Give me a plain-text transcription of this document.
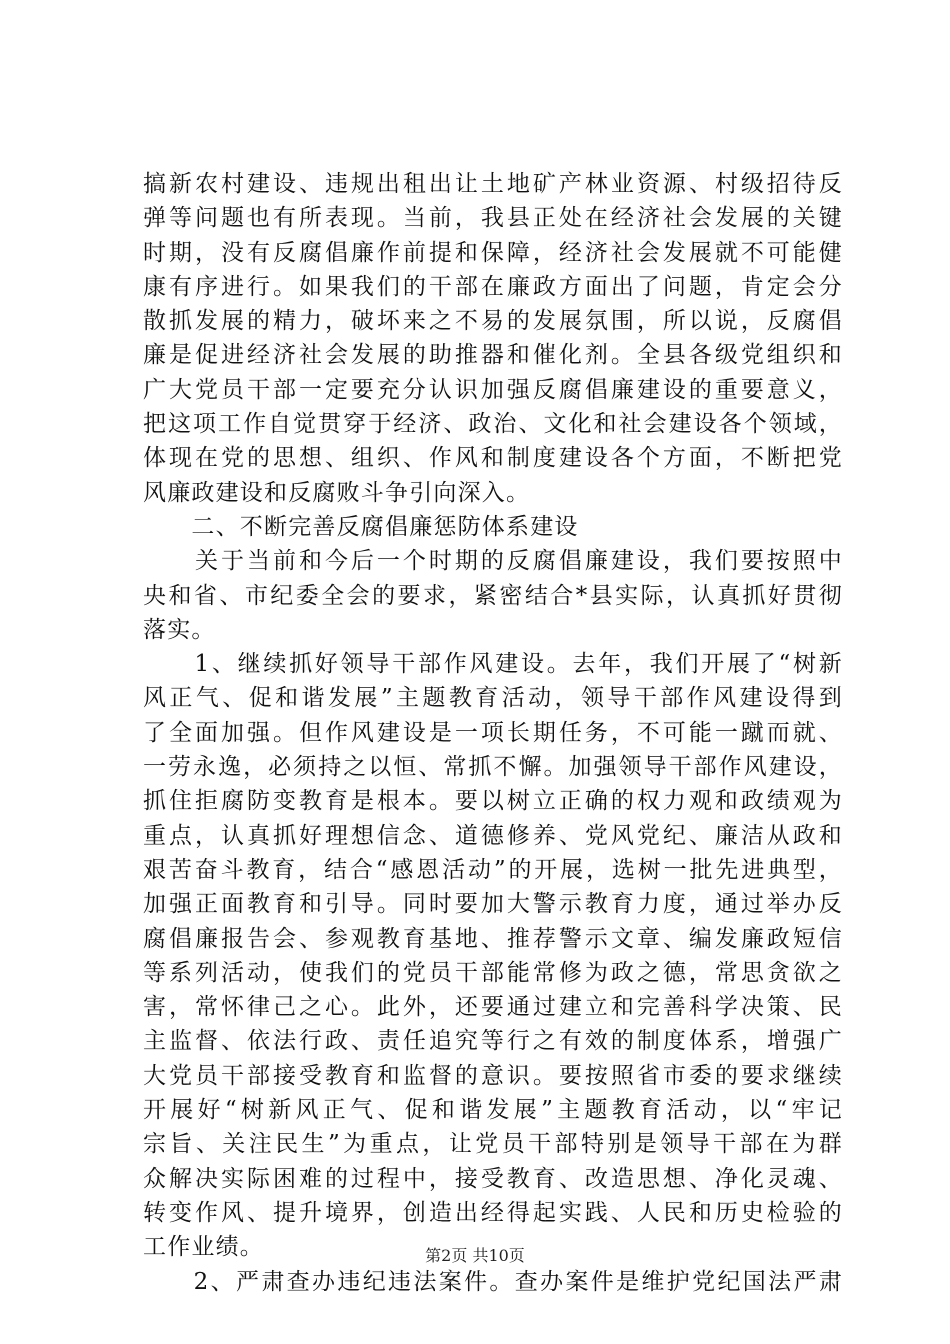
搞新农村建设、违规出租出让土地矿产林业资源、村级招待反
弹等问题也有所表现。当前，我县正处在经济社会发展的关键
时期，没有反腐倡廉作前提和保障，经济社会发展就不可能健
康有序进行。如果我们的干部在廉政方面出了问题，肯定会分
散抓发展的精力，破坏来之不易的发展氛围，所以说，反腐倡
廉是促进经济社会发展的助推器和催化剂。全县各级党组织和
广大党员干部一定要充分认识加强反腐倡廉建设的重要意义，
把这项工作自觉贯穿于经济、政治、文化和社会建设各个领域，
体现在党的思想、组织、作风和制度建设各个方面，不断把党
风廉政建设和反腐败斗争引向深入。
　　二、不断完善反腐倡廉惩防体系建设
　　关于当前和今后一个时期的反腐倡廉建设，我们要按照中
央和省、市纪委全会的要求，紧密结合*县实际，认真抓好贯彻
落实。
　　1、继续抓好领导干部作风建设。去年，我们开展了“树新
风正气、促和谐发展”主题教育活动，领导干部作风建设得到
了全面加强。但作风建设是一项长期任务，不可能一蹴而就、
一劳永逸，必须持之以恒、常抓不懈。加强领导干部作风建设，
抓住拒腐防变教育是根本。要以树立正确的权力观和政绩观为
重点，认真抓好理想信念、道德修养、党风党纪、廉洁从政和
艰苦奋斗教育，结合“感恩活动”的开展，选树一批先进典型，
加强正面教育和引导。同时要加大警示教育力度，通过举办反
腐倡廉报告会、参观教育基地、推荐警示文章、编发廉政短信
等系列活动，使我们的党员干部能常修为政之德，常思贪欲之
害，常怀律己之心。此外，还要通过建立和完善科学决策、民
主监督、依法行政、责任追究等行之有效的制度体系，增强广
大党员干部接受教育和监督的意识。要按照省市委的要求继续
开展好“树新风正气、促和谐发展”主题教育活动，以“牢记
宗旨、关注民生”为重点，让党员干部特别是领导干部在为群
众解决实际困难的过程中，接受教育、改造思想、净化灵魂、
转变作风、提升境界，创造出经得起实践、人民和历史检验的
工作业绩。
　　2、严肃查办违纪违法案件。查办案件是维护党纪国法严肃
第2页 共10页
